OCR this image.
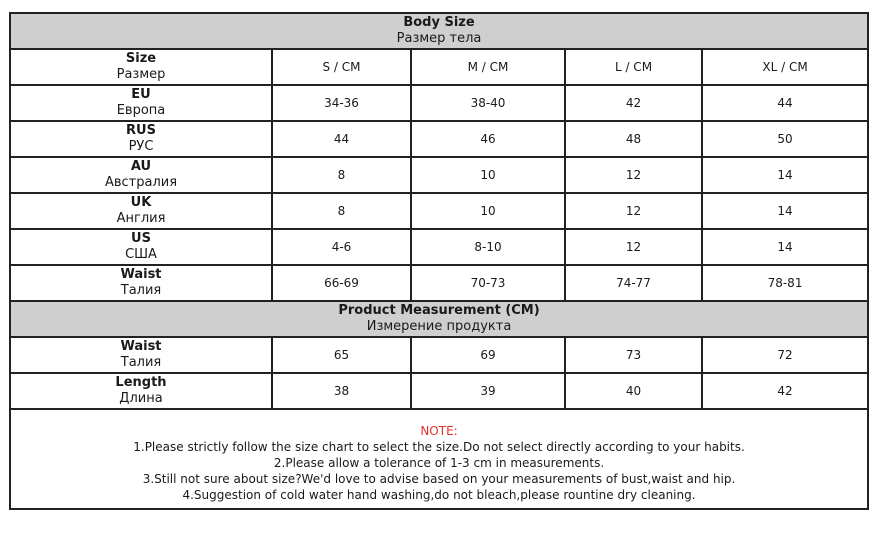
Body Size
Размер тела				

Size
Размер	S / CM	M / CM	L / CM	XL / CM

EU
Европа	34-36	38-40	42	44

RUS
РУС	44	46	48	50

AU
Австралия	8	10	12	14

UK
Англия	8	10	12	14

US
США	4-6	8-10	12	14

Waist
Талия	66-69	70-73	74-77	78-81

Product Measurement (CM)
Измерение продукта				

Waist
Талия	65	69	73	72

Length
Длина	38	39	40	42

NOTE:
1.Please strictly follow the size chart to select the size.Do not select directly according to your habits.
2.Please allow a tolerance of 1-3 cm in measurements.
3.Still not sure about size?We'd love to advise based on your measurements of bust,waist and hip.
4.Suggestion of cold water hand washing,do not bleach,please rountine dry cleaning.				
